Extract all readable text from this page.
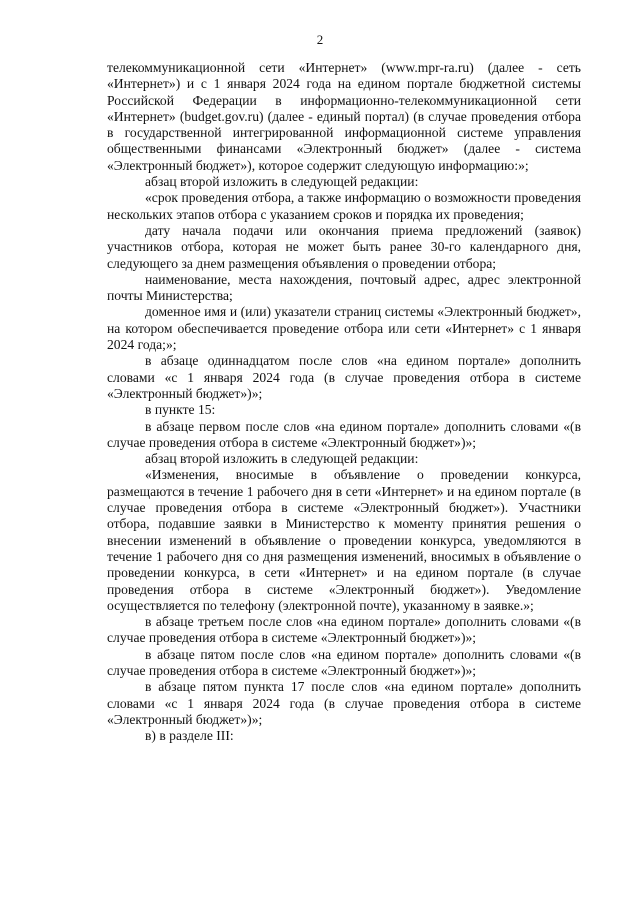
2

телекоммуникационной сети «Интернет» (www.mpr-ra.ru) (далее - сеть «Интернет») и с 1 января 2024 года на едином портале бюджетной системы Российской Федерации в информационно-телекоммуникационной сети «Интернет» (budget.gov.ru) (далее - единый портал) (в случае проведения отбора в государственной интегрированной информационной системе управления общественными финансами «Электронный бюджет» (далее - система «Электронный бюджет»), которое содержит следующую информацию:»;

абзац второй изложить в следующей редакции:

«срок проведения отбора, а также информацию о возможности проведения нескольких этапов отбора с указанием сроков и порядка их проведения;

дату начала подачи или окончания приема предложений (заявок) участников отбора, которая не может быть ранее 30-го календарного дня, следующего за днем размещения объявления о проведении отбора;

наименование, места нахождения, почтовый адрес, адрес электронной почты Министерства;

доменное имя и (или) указатели страниц системы «Электронный бюджет», на котором обеспечивается проведение отбора или сети «Интернет» с 1 января 2024 года;»;

в абзаце одиннадцатом после слов «на едином портале» дополнить словами «с 1 января 2024 года (в случае проведения отбора в системе «Электронный бюджет»)»;

в пункте 15:

в абзаце первом после слов «на едином портале» дополнить словами «(в случае проведения отбора в системе «Электронный бюджет»)»;

абзац второй изложить в следующей редакции:

«Изменения, вносимые в объявление о проведении конкурса, размещаются в течение 1 рабочего дня в сети «Интернет» и на едином портале (в случае проведения отбора в системе «Электронный бюджет»). Участники отбора, подавшие заявки в Министерство к моменту принятия решения о внесении изменений в объявление о проведении конкурса, уведомляются в течение 1 рабочего дня со дня размещения изменений, вносимых в объявление о проведении конкурса, в сети «Интернет» и на едином портале (в случае проведения отбора в системе «Электронный бюджет»). Уведомление осуществляется по телефону (электронной почте), указанному в заявке.»;

в абзаце третьем после слов «на едином портале» дополнить словами «(в случае проведения отбора в системе «Электронный бюджет»)»;

в абзаце пятом после слов «на едином портале» дополнить словами «(в случае проведения отбора в системе «Электронный бюджет»)»;

в абзаце пятом пункта 17 после слов «на едином портале» дополнить словами «с 1 января 2024 года (в случае проведения отбора в системе «Электронный бюджет»)»;

в) в разделе III:
